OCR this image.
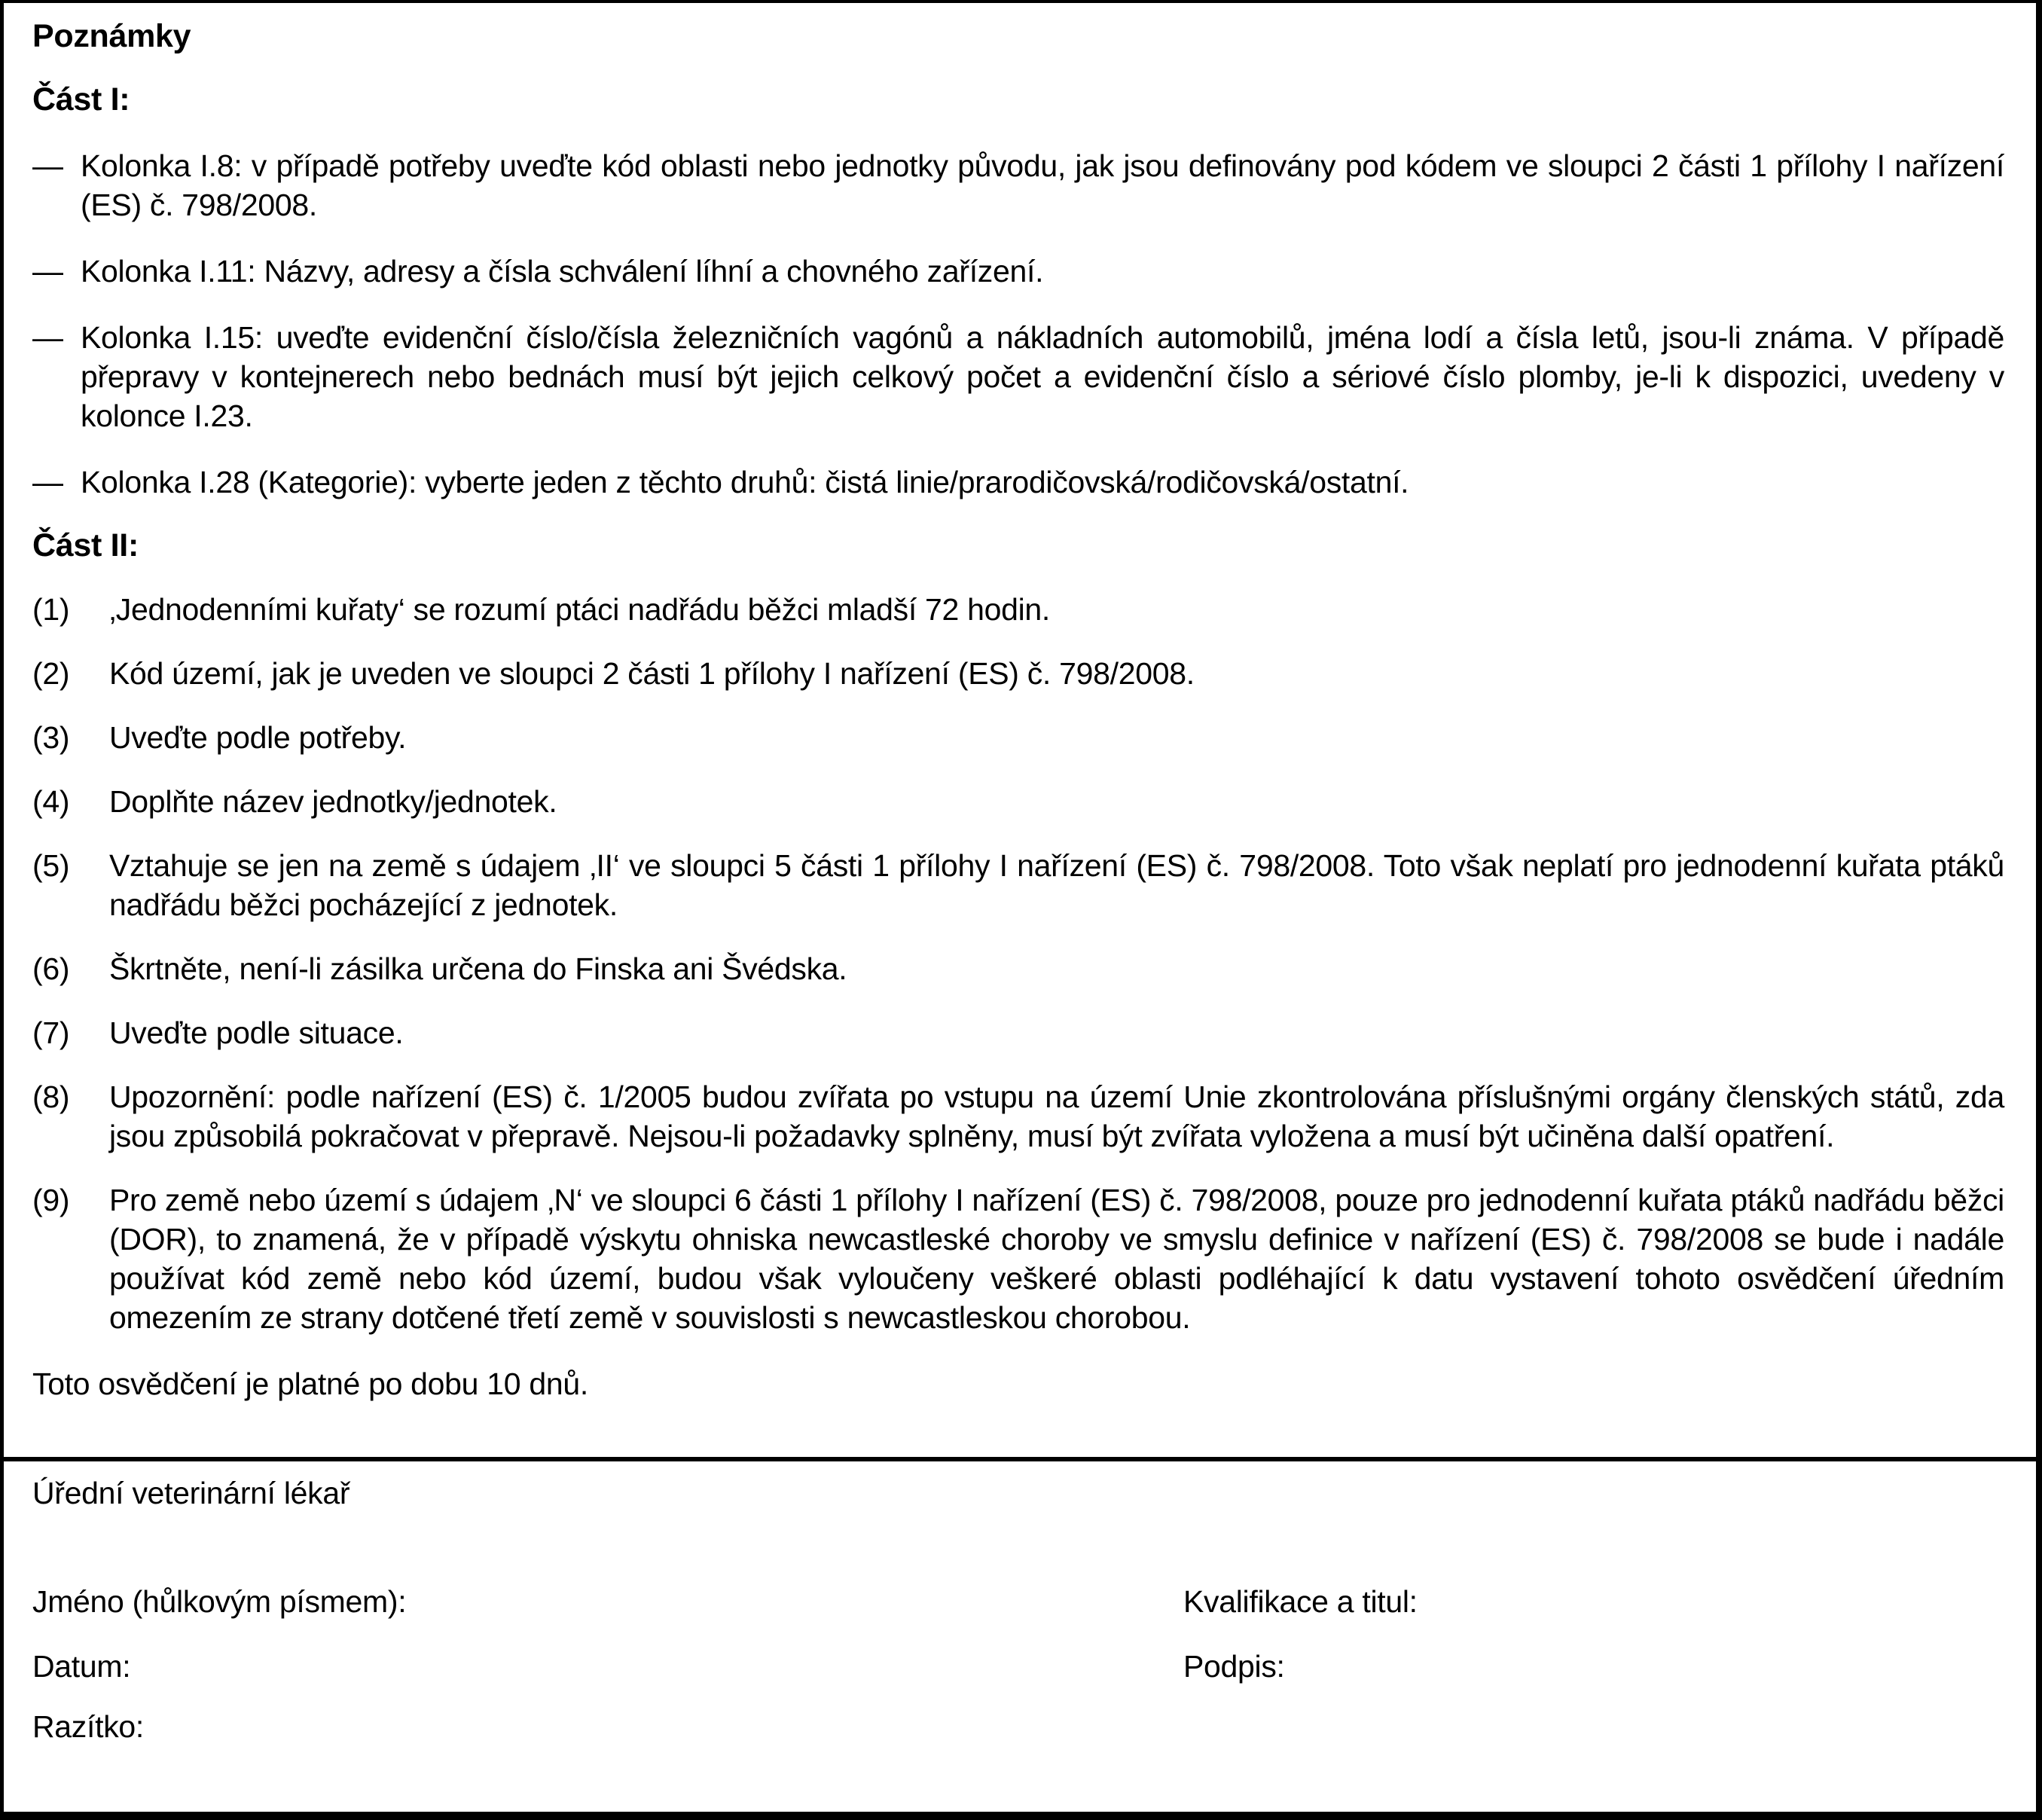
Poznámky
Část I:
— Kolonka I.8: v případě potřeby uveďte kód oblasti nebo jednotky původu, jak jsou definovány pod kódem ve sloupci 2 části 1 přílohy I nařízení (ES) č. 798/2008.

— Kolonka I.11: Názvy, adresy a čísla schválení líhní a chovného zařízení.

— Kolonka I.15: uveďte evidenční číslo/čísla železničních vagónů a nákladních automobilů, jména lodí a čísla letů, jsou-li známa. V případě přepravy v kontejnerech nebo bednách musí být jejich celkový počet a evidenční číslo a sériové číslo plomby, je-li k dispozici, uvedeny v kolonce I.23.

— Kolonka I.28 (Kategorie): vyberte jeden z těchto druhů: čistá linie/prarodičovská/rodičovská/ostatní.

Část II:
(1)	‚Jednodenními kuřaty‘ se rozumí ptáci nadřádu běžci mladší 72 hodin.

(2)	Kód území, jak je uveden ve sloupci 2 části 1 přílohy I nařízení (ES) č. 798/2008.

(3)	Uveďte podle potřeby.

(4)	Doplňte název jednotky/jednotek.

(5)	Vztahuje se jen na země s údajem ‚II‘ ve sloupci 5 části 1 přílohy I nařízení (ES) č. 798/2008. Toto však neplatí pro jednodenní kuřata ptáků nadřádu běžci pocházející z jednotek.

(6)	Škrtněte, není-li zásilka určena do Finska ani Švédska.

(7)	Uveďte podle situace.

(8)	Upozornění: podle nařízení (ES) č. 1/2005 budou zvířata po vstupu na území Unie zkontrolována příslušnými orgány členských států, zda jsou způsobilá pokračovat v přepravě. Nejsou-li požadavky splněny, musí být zvířata vyložena a musí být učiněna další opatření.

(9)	Pro země nebo území s údajem ‚N‘ ve sloupci 6 části 1 přílohy I nařízení (ES) č. 798/2008, pouze pro jednodenní kuřata ptáků nadřádu běžci (DOR), to znamená, že v případě výskytu ohniska newcastleské choroby ve smyslu definice v nařízení (ES) č. 798/2008 se bude i nadále používat kód země nebo kód území, budou však vyloučeny veškeré oblasti podléhající k datu vystavení tohoto osvědčení úředním omezením ze strany dotčené třetí země v souvislosti s newcastleskou chorobou.

Toto osvědčení je platné po dobu 10 dnů.

Úřední veterinární lékař

Jméno (hůlkovým písmem):	Kvalifikace a titul:

Datum:	Podpis:

Razítko:
